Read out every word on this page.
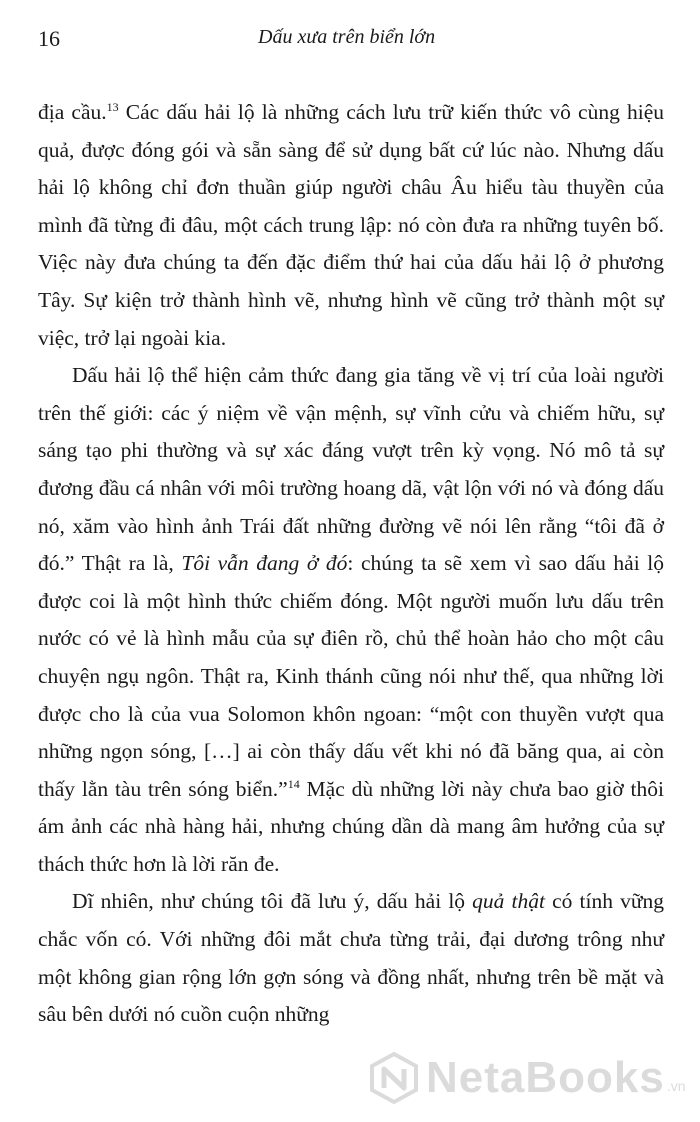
16	Dấu xưa trên biển lớn

địa cầu.$^{13}$ Các dấu hải lộ là những cách lưu trữ kiến thức vô cùng hiệu quả, được đóng gói và sẵn sàng để sử dụng bất cứ lúc nào. Nhưng dấu hải lộ không chỉ đơn thuần giúp người châu Âu hiểu tàu thuyền của mình đã từng đi đâu, một cách trung lập: nó còn đưa ra những tuyên bố. Việc này đưa chúng ta đến đặc điểm thứ hai của dấu hải lộ ở phương Tây. Sự kiện trở thành hình vẽ, nhưng hình vẽ cũng trở thành một sự việc, trở lại ngoài kia.

Dấu hải lộ thể hiện cảm thức đang gia tăng về vị trí của loài người trên thế giới: các ý niệm về vận mệnh, sự vĩnh cửu và chiếm hữu, sự sáng tạo phi thường và sự xác đáng vượt trên kỳ vọng. Nó mô tả sự đương đầu cá nhân với môi trường hoang dã, vật lộn với nó và đóng dấu nó, xăm vào hình ảnh Trái đất những đường vẽ nói lên rằng “tôi đã ở đó.” Thật ra là, Tôi vẫn đang ở đó: chúng ta sẽ xem vì sao dấu hải lộ được coi là một hình thức chiếm đóng. Một người muốn lưu dấu trên nước có vẻ là hình mẫu của sự điên rồ, chủ thể hoàn hảo cho một câu chuyện ngụ ngôn. Thật ra, Kinh thánh cũng nói như thế, qua những lời được cho là của vua Solomon khôn ngoan: “một con thuyền vượt qua những ngọn sóng, […] ai còn thấy dấu vết khi nó đã băng qua, ai còn thấy lằn tàu trên sóng biển.”$^{14}$ Mặc dù những lời này chưa bao giờ thôi ám ảnh các nhà hàng hải, nhưng chúng dần dà mang âm hưởng của sự thách thức hơn là lời răn đe.

Dĩ nhiên, như chúng tôi đã lưu ý, dấu hải lộ quả thật có tính vững chắc vốn có. Với những đôi mắt chưa từng trải, đại dương trông như một không gian rộng lớn gợn sóng và đồng nhất, nhưng trên bề mặt và sâu bên dưới nó cuồn cuộn những

NetaBooks .vn
